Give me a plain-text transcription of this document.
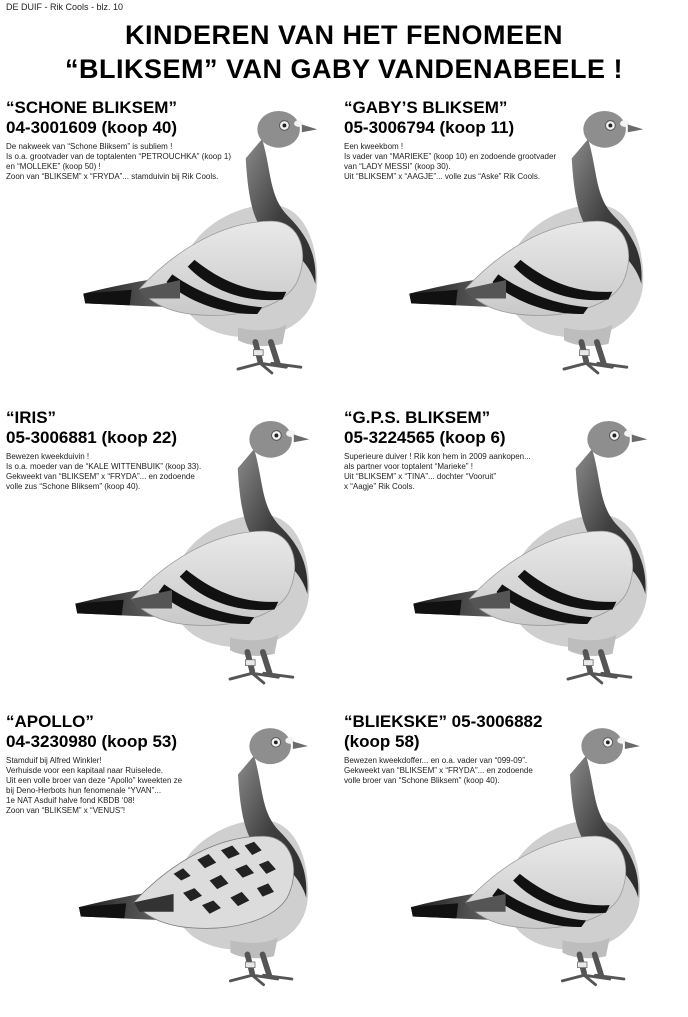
DE DUIF - Rik Cools - blz. 10
KINDEREN VAN HET FENOMEEN
“BLIKSEM” VAN GABY VANDENABEELE !
“SCHONE BLIKSEM”
04-3001609 (koop 40)
De nakweek van “Schone Bliksem” is subliem !
Is o.a. grootvader van de toptalenten “PETROUCHKA” (koop 1)
en “MOLLEKE” (koop 50) !
Zoon van “BLIKSEM” x “FRYDA”... stamduivin bij Rik Cools.
“GABY’S BLIKSEM”
05-3006794 (koop 11)
Een kweekbom !
Is vader van “MARIEKE” (koop 10) en zodoende grootvader
van “LADY MESSI” (koop 30).
Uit “BLIKSEM” x “AAGJE”... volle zus “Aske” Rik Cools.
“IRIS”
05-3006881 (koop 22)
Bewezen kweekduivin !
Is o.a. moeder van de “KALE WITTENBUIK” (koop 33).
Gekweekt van “BLIKSEM” x “FRYDA”... en zodoende
volle zus “Schone Bliksem” (koop 40).
“G.P.S. BLIKSEM”
05-3224565 (koop 6)
Superieure duiver ! Rik kon hem in 2009 aankopen...
als partner voor toptalent “Marieke” !
Uit “BLIKSEM” x “TINA”... dochter “Vooruit”
x “Aagje” Rik Cools.
“APOLLO”
04-3230980 (koop 53)
Stamduif bij Alfred Winkler!
Verhuisde voor een kapitaal naar Ruiselede.
Uit een volle broer van deze “Apollo” kweekten ze
bij Deno-Herbots hun fenomenale “YVAN”...
1e NAT Asduif halve fond KBDB ‘08!
Zoon van “BLIKSEM” x “VENUS”!
“BLIEKSKE” 05-3006882
(koop 58)
Bewezen kweekdoffer... en o.a. vader van “099-09”.
Gekweekt van “BLIKSEM” x “FRYDA”... en zodoende
volle broer van “Schone Bliksem” (koop 40).
